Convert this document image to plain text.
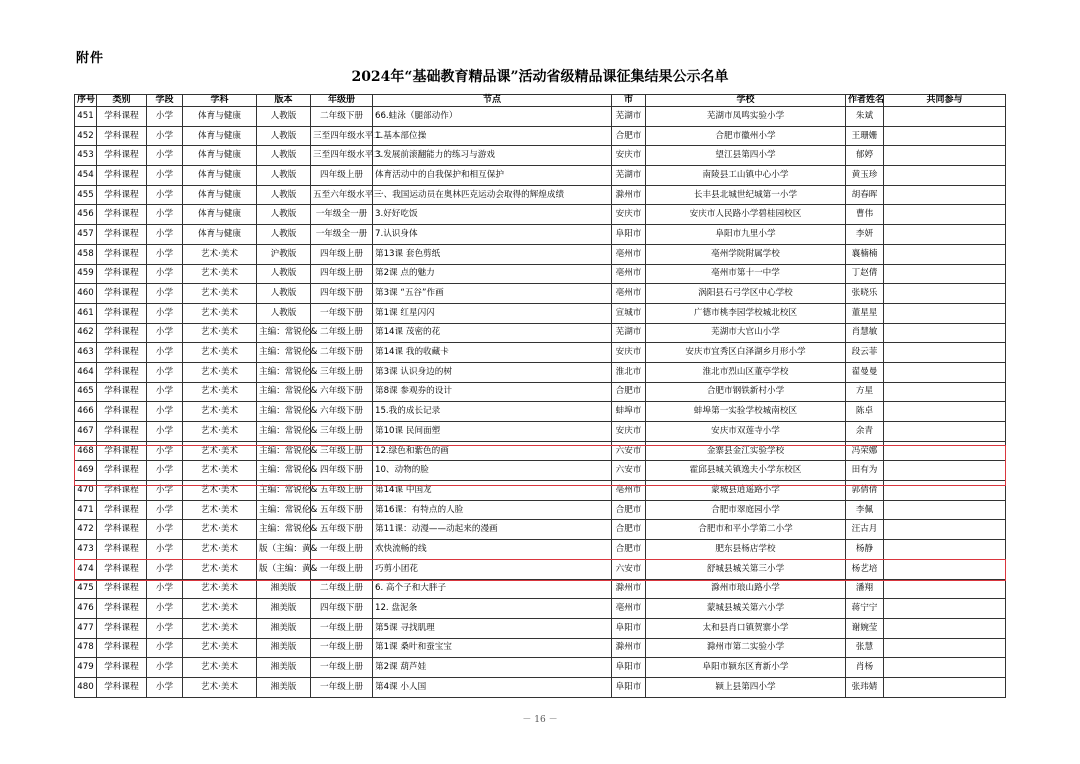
附件
2024年“基础教育精品课”活动省级精品课征集结果公示名单
序号	类别	学段	学科	版本	年级册	节点	市	学校	作者姓名	共同参与
451	学科课程	小学	体育与健康	人教版	二年级下册	66.蛙泳（腿部动作）	芜湖市	芜湖市凤鸣实验小学	朱斌	
452	学科课程	小学	体育与健康	人教版	三至四年级水平二	1.基本部位操	合肥市	合肥市徽州小学	王珊姗	
453	学科课程	小学	体育与健康	人教版	三至四年级水平二	3.发展前滚翻能力的练习与游戏	安庆市	望江县第四小学	郁婷	
454	学科课程	小学	体育与健康	人教版	四年级上册	体育活动中的自我保护和相互保护	芜湖市	南陵县工山镇中心小学	黄玉珍	
455	学科课程	小学	体育与健康	人教版	五至六年级水平三	一、我国运动员在奥林匹克运动会取得的辉煌成绩	滁州市	长丰县北城世纪城第一小学	胡春晖	
456	学科课程	小学	体育与健康	人教版	一年级全一册	3.好好吃饭	安庆市	安庆市人民路小学碧桂园校区	曹伟	
457	学科课程	小学	体育与健康	人教版	一年级全一册	7.认识身体	阜阳市	阜阳市九里小学	李妍	
458	学科课程	小学	艺术·美术	沪教版	四年级上册	第13课 套色剪纸	亳州市	亳州学院附属学校	襄楠楠	
459	学科课程	小学	艺术·美术	人教版	四年级上册	第2课 点的魅力	亳州市	亳州市第十一中学	丁赵倩	
460	学科课程	小学	艺术·美术	人教版	四年级下册	第3课 “五谷”作画	亳州市	涡阳县石弓学区中心学校	张晓乐	
461	学科课程	小学	艺术·美术	人教版	一年级下册	第1课 红星闪闪	宣城市	广德市桃李园学校城北校区	董星星	
462	学科课程	小学	艺术·美术	主编：常锐伦&	二年级上册	第14课 茂密的花	芜湖市	芜湖市大官山小学	肖慧敏	
463	学科课程	小学	艺术·美术	主编：常锐伦&	二年级下册	第14课 我的收藏卡	安庆市	安庆市宜秀区白泽湖乡月形小学	段云菲	
464	学科课程	小学	艺术·美术	主编：常锐伦&	三年级上册	第3课 认识身边的树	淮北市	淮北市烈山区董亭学校	翟曼曼	
465	学科课程	小学	艺术·美术	主编：常锐伦&	六年级下册	第8课 参观券的设计	合肥市	合肥市钢铁新村小学	方星	
466	学科课程	小学	艺术·美术	主编：常锐伦&	六年级下册	15.我的成长记录	蚌埠市	蚌埠第一实验学校城南校区	陈卓	
467	学科课程	小学	艺术·美术	主编：常锐伦&	三年级上册	第10课 民间面塑	安庆市	安庆市双莲寺小学	余青	
468	学科课程	小学	艺术·美术	主编：常锐伦&	三年级上册	12.绿色和紫色的画	六安市	金寨县金江实验学校	冯荣娜	
469	学科课程	小学	艺术·美术	主编：常锐伦&	四年级下册	10、动物的脸	六安市	霍邱县城关镇逸夫小学东校区	田有为	
470	学科课程	小学	艺术·美术	主编：常锐伦&	五年级上册	第14课 中国龙	亳州市	蒙城县逍遥路小学	郭倩倩	
471	学科课程	小学	艺术·美术	主编：常锐伦&	五年级下册	第16课：有特点的人脸	合肥市	合肥市翠庭园小学	李佩	
472	学科课程	小学	艺术·美术	主编：常锐伦&	五年级下册	第11课：动漫——动起来的漫画	合肥市	合肥市和平小学第二小学	汪古月	
473	学科课程	小学	艺术·美术	版（主编：黄&	一年级上册	欢快流畅的线	合肥市	肥东县杨店学校	杨静	
474	学科课程	小学	艺术·美术	版（主编：黄&	一年级上册	巧剪小团花	六安市	舒城县城关第三小学	杨艺培	
475	学科课程	小学	艺术·美术	湘美版	二年级上册	6. 高个子和大胖子	滁州市	滁州市琅山路小学	潘翔	
476	学科课程	小学	艺术·美术	湘美版	四年级下册	12. 盘泥条	亳州市	蒙城县城关第六小学	蒋宁宁	
477	学科课程	小学	艺术·美术	湘美版	一年级上册	第5课 寻找肌理	阜阳市	太和县肖口镇贺寨小学	谢婉莹	
478	学科课程	小学	艺术·美术	湘美版	一年级上册	第1课 桑叶和蚕宝宝	滁州市	滁州市第二实验小学	张慧	
479	学科课程	小学	艺术·美术	湘美版	一年级上册	第2课 葫芦娃	阜阳市	阜阳市颍东区育新小学	肖杨	
480	学科课程	小学	艺术·美术	湘美版	一年级上册	第4课 小人国	阜阳市	颍上县第四小学	张玮婧	
－ 16 －
